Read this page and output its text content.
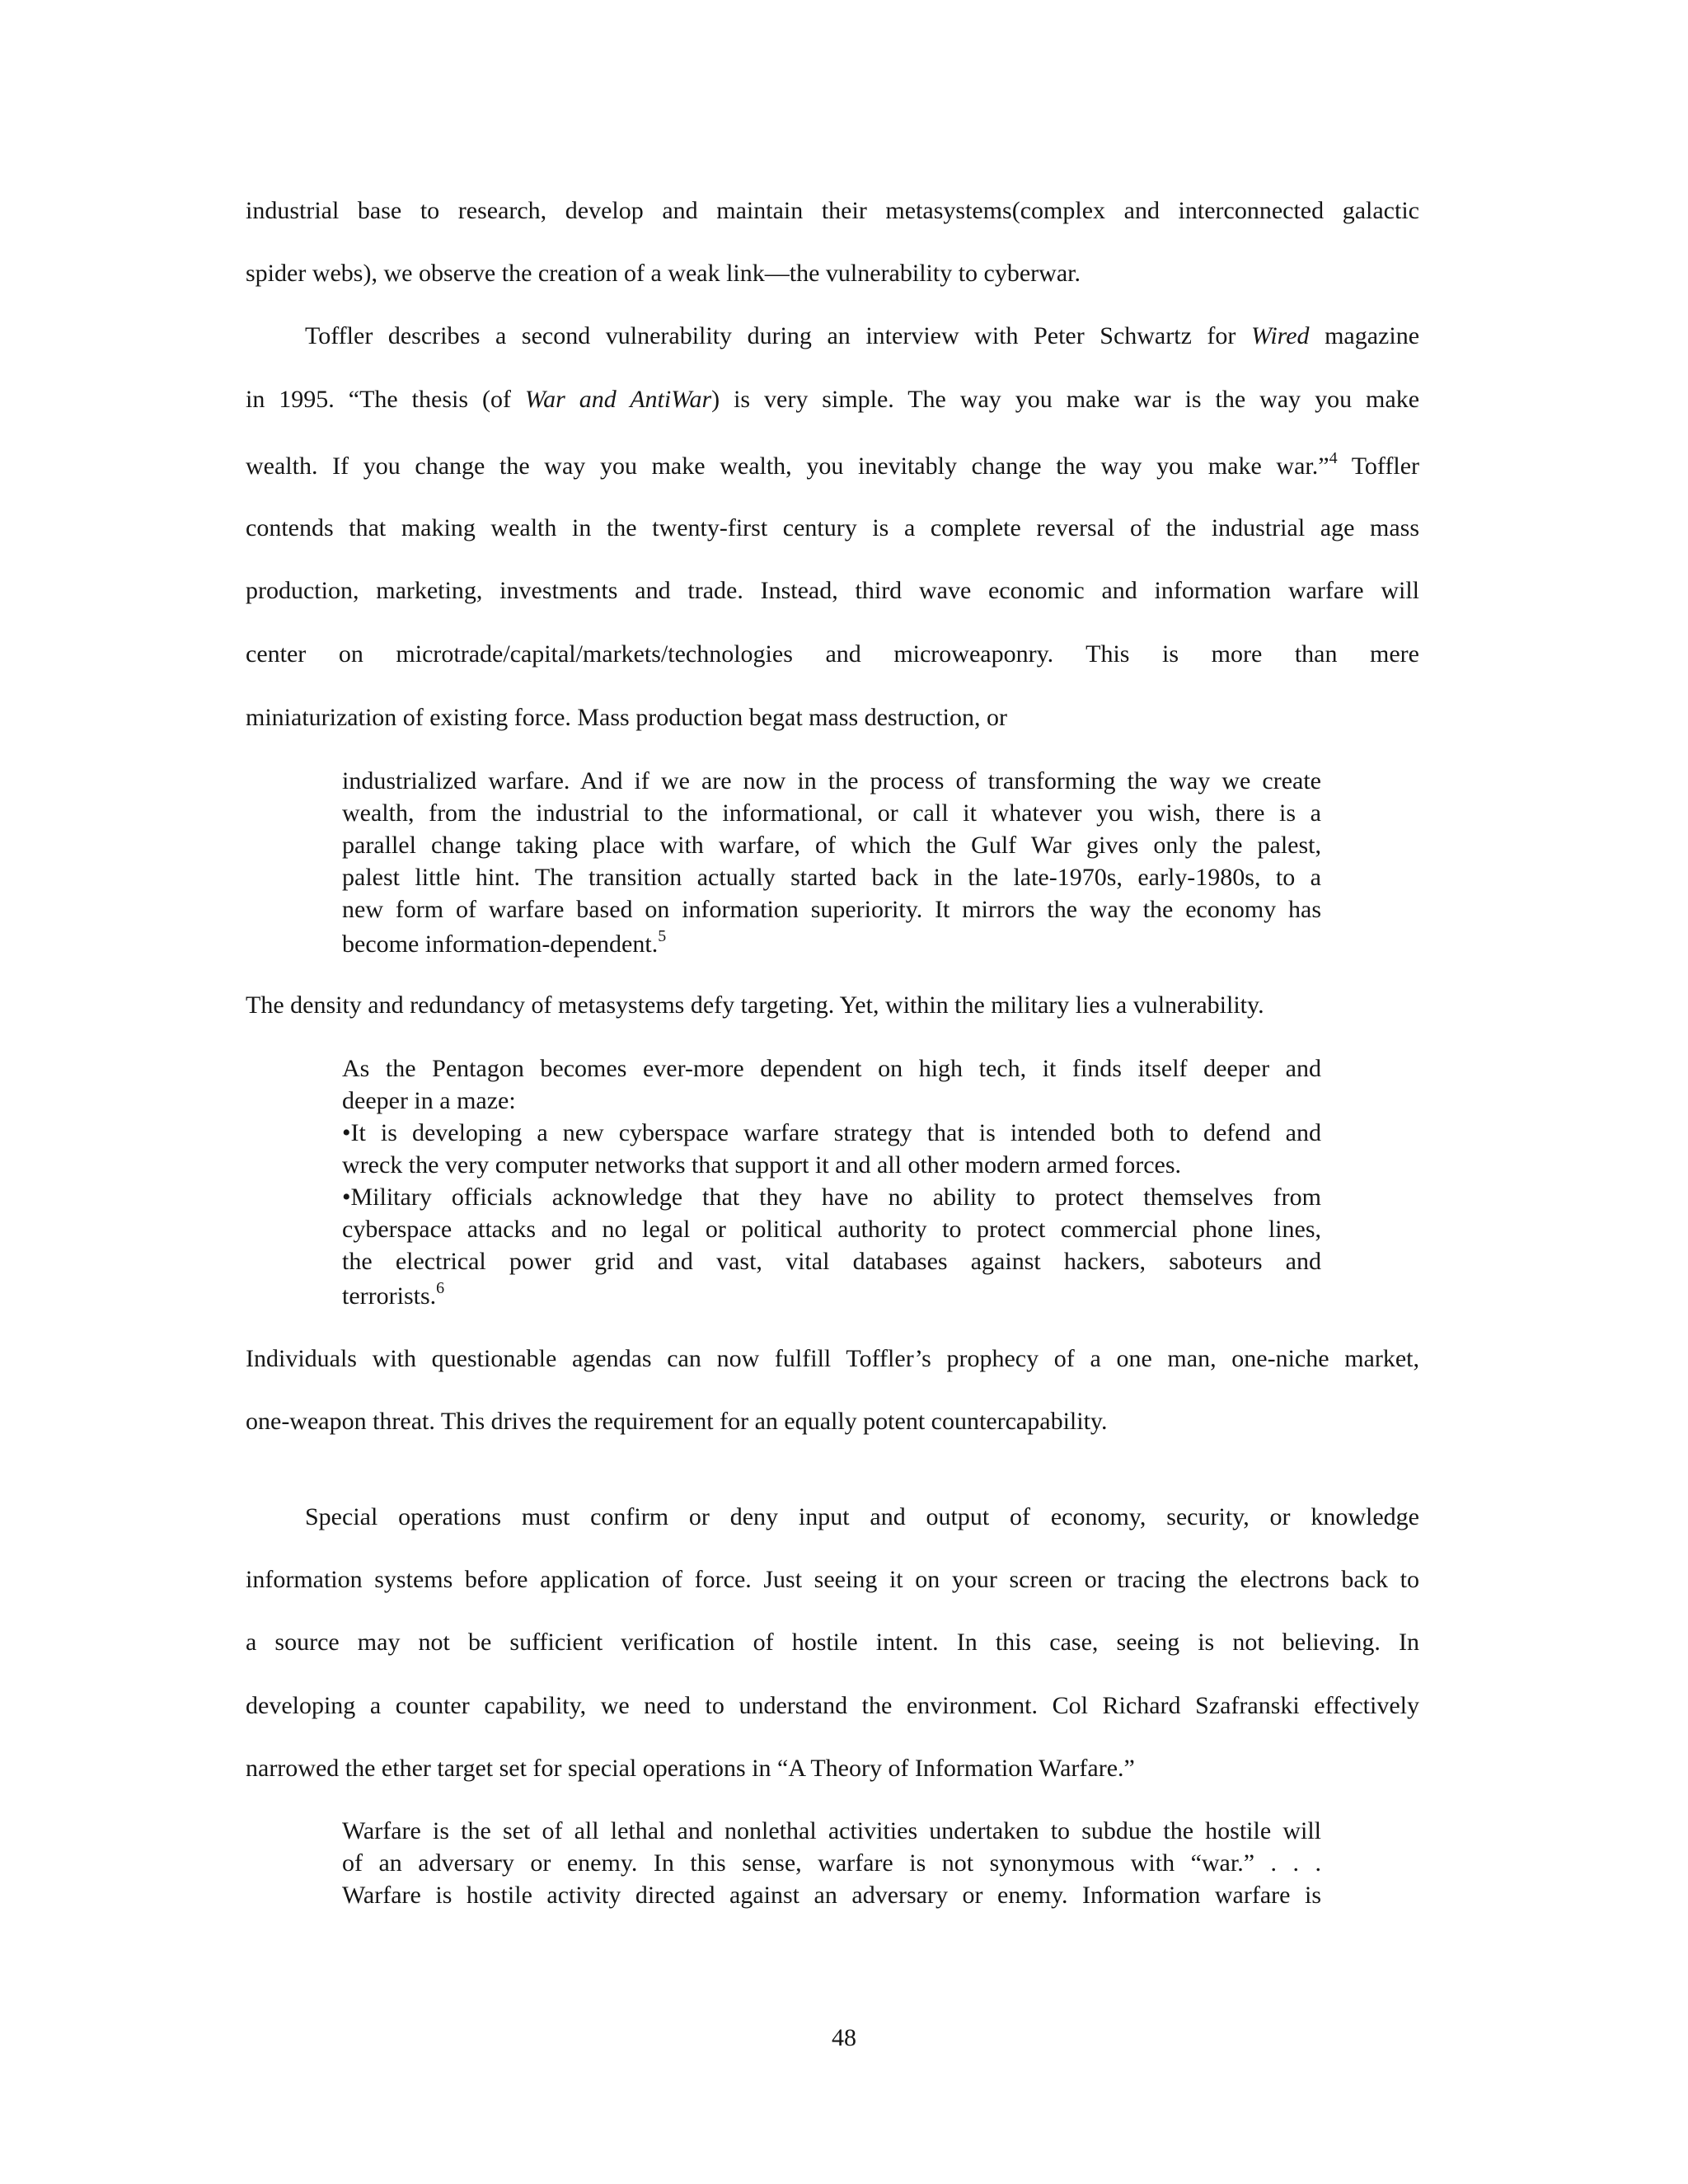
industrial base to research, develop and maintain their metasystems(complex and interconnected galactic

spider webs), we observe the creation of a weak link—the vulnerability to cyberwar.

Toffler describes a second vulnerability during an interview with Peter Schwartz for Wired magazine

in 1995. “The thesis (of War and AntiWar) is very simple. The way you make war is the way you make

wealth. If you change the way you make wealth, you inevitably change the way you make war.”$^4$ Toffler

contends that making wealth in the twenty-first century is a complete reversal of the industrial age mass

production, marketing, investments and trade. Instead, third wave economic and information warfare will

center on microtrade/capital/markets/technologies and microweaponry. This is more than mere

miniaturization of existing force. Mass production begat mass destruction, or

industrialized warfare. And if we are now in the process of transforming the way we create

wealth, from the industrial to the informational, or call it whatever you wish, there is a

parallel change taking place with warfare, of which the Gulf War gives only the palest,

palest little hint. The transition actually started back in the late-1970s, early-1980s, to a

new form of warfare based on information superiority. It mirrors the way the economy has

become information-dependent.$^5$

The density and redundancy of metasystems defy targeting. Yet, within the military lies a vulnerability.

As the Pentagon becomes ever-more dependent on high tech, it finds itself deeper and

deeper in a maze:

•It is developing a new cyberspace warfare strategy that is intended both to defend and

wreck the very computer networks that support it and all other modern armed forces.

•Military officials acknowledge that they have no ability to protect themselves from

cyberspace attacks and no legal or political authority to protect commercial phone lines,

the electrical power grid and vast, vital databases against hackers, saboteurs and

terrorists.$^6$

Individuals with questionable agendas can now fulfill Toffler’s prophecy of a one man, one-niche market,

one-weapon threat. This drives the requirement for an equally potent countercapability.

Special operations must confirm or deny input and output of economy, security, or knowledge

information systems before application of force. Just seeing it on your screen or tracing the electrons back to

a source may not be sufficient verification of hostile intent. In this case, seeing is not believing. In

developing a counter capability, we need to understand the environment. Col Richard Szafranski effectively

narrowed the ether target set for special operations in “A Theory of Information Warfare.”

Warfare is the set of all lethal and nonlethal activities undertaken to subdue the hostile will

of an adversary or enemy. In this sense, warfare is not synonymous with “war.” . . .

Warfare is hostile activity directed against an adversary or enemy. Information warfare is

48
